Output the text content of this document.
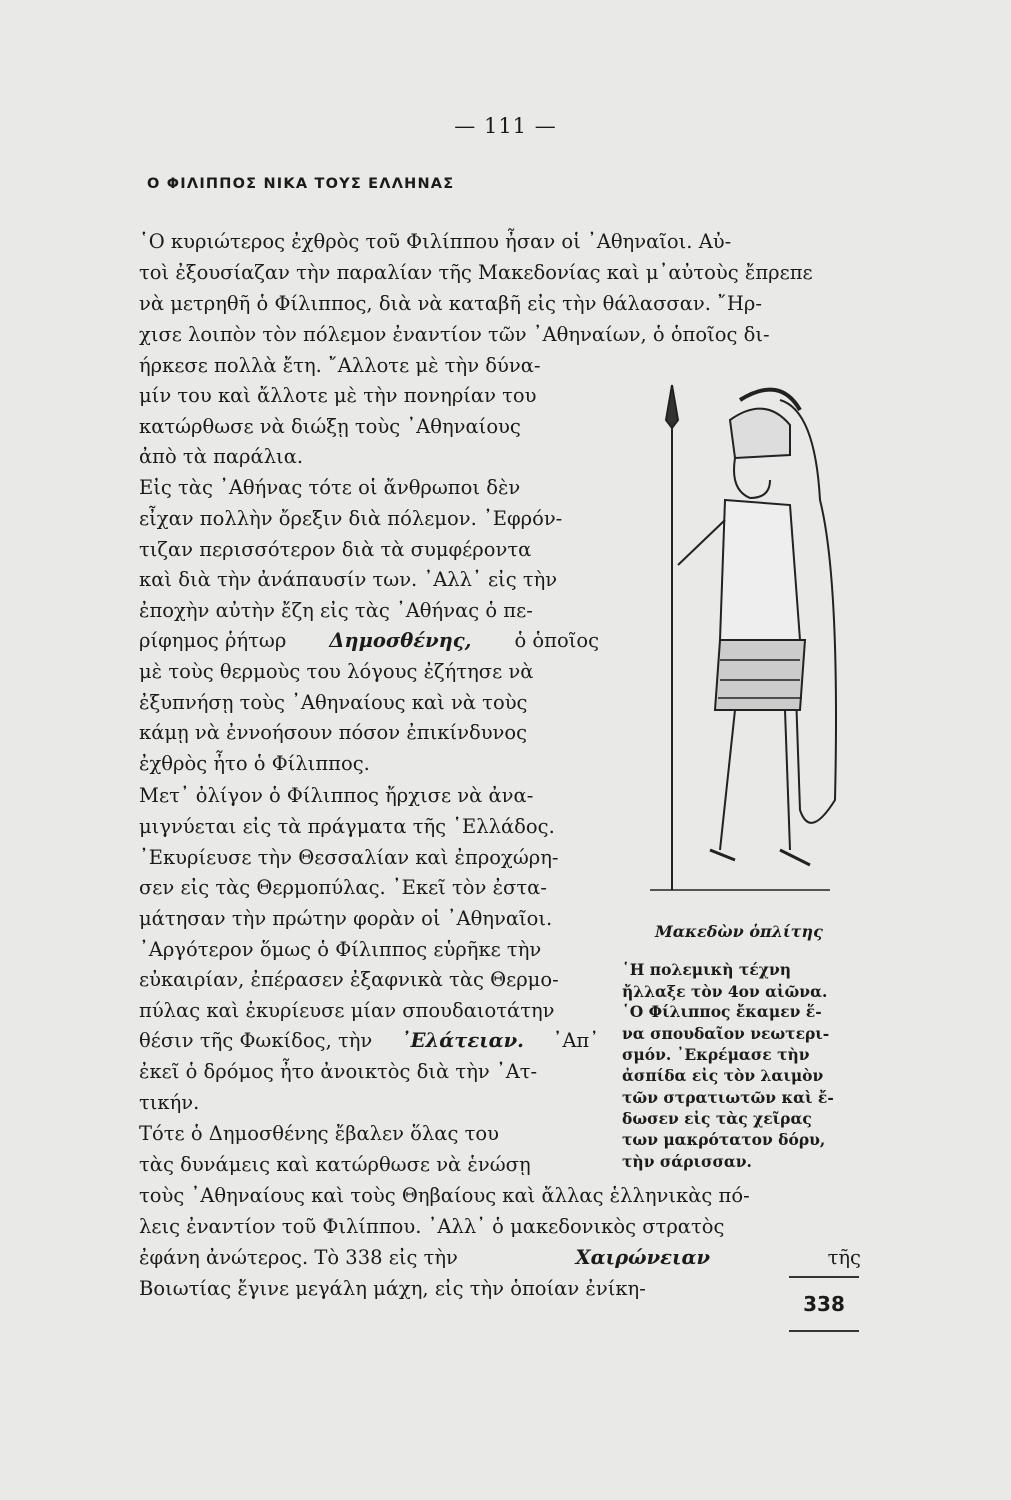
— 111 —
Ο ΦΙΛΙΠΠΟΣ ΝΙΚΑ ΤΟΥΣ ΕΛΛΗΝΑΣ
῾Ο κυριώτερος ἐχθρὸς τοῦ Φιλίππου ἦσαν οἱ ᾽Αθηναῖοι. Αὐ-
τοὶ ἐξουσίαζαν τὴν παραλίαν τῆς Μακεδονίας καὶ μ᾽αὐτοὺς ἔπρεπε
νὰ μετρηθῆ ὁ Φίλιππος, διὰ νὰ καταβῆ εἰς τὴν θάλασσαν. ῎Ηρ-
χισε λοιπὸν τὸν πόλεμον ἐναντίον τῶν ᾽Αθηναίων, ὁ ὁποῖος δι-
ήρκεσε πολλὰ ἔτη. ῎Αλλοτε μὲ τὴν δύνα-
μίν του καὶ ἄλλοτε μὲ τὴν πονηρίαν του
κατώρθωσε νὰ διώξῃ τοὺς ᾽Αθηναίους
ἀπὸ τὰ παράλια.
Εἰς τὰς ᾽Αθήνας τότε οἱ ἄνθρωποι δὲν
εἶχαν πολλὴν ὄρεξιν διὰ πόλεμον. ᾽Εφρόν-
τιζαν περισσότερον διὰ τὰ συμφέροντα
καὶ διὰ τὴν ἀνάπαυσίν των. ᾽Αλλ᾽ εἰς τὴν
ἐποχὴν αὐτὴν ἔζη εἰς τὰς ᾽Αθήνας ὁ πε-
ρίφημος ῥήτωρ Δημοσθένης, ὁ ὁποῖος
μὲ τοὺς θερμοὺς του λόγους ἐζήτησε νὰ
ἐξυπνήσῃ τοὺς ᾽Αθηναίους καὶ νὰ τοὺς
κάμῃ νὰ ἐννοήσουν πόσον ἐπικίνδυνος
ἐχθρὸς ἦτο ὁ Φίλιππος.
Μετ᾽ ὀλίγον ὁ Φίλιππος ἤρχισε νὰ ἀνα-
μιγνύεται εἰς τὰ πράγματα τῆς ῾Ελλάδος.
᾽Εκυρίευσε τὴν Θεσσαλίαν καὶ ἐπροχώρη-
σεν εἰς τὰς Θερμοπύλας. ᾽Εκεῖ τὸν ἐστα-
μάτησαν τὴν πρώτην φορὰν οἱ ᾽Αθηναῖοι.
᾽Αργότερον ὅμως ὁ Φίλιππος εὑρῆκε τὴν
εὐκαιρίαν, ἐπέρασεν ἐξαφνικὰ τὰς Θερμο-
πύλας καὶ ἐκυρίευσε μίαν σπουδαιοτάτην
θέσιν τῆς Φωκίδος, τὴν ᾽Ελάτειαν. ᾽Απ᾽
ἐκεῖ ὁ δρόμος ἦτο ἀνοικτὸς διὰ τὴν ᾽Ατ-
τικήν.
Τότε ὁ Δημοσθένης ἔβαλεν ὅλας του
τὰς δυνάμεις καὶ κατώρθωσε νὰ ἑνώσῃ
τοὺς ᾽Αθηναίους καὶ τοὺς Θηβαίους καὶ ἄλλας ἑλληνικὰς πό-
λεις ἐναντίον τοῦ Φιλίππου. ᾽Αλλ᾽ ὁ μακεδονικὸς στρατὸς
ἐφάνη ἀνώτερος. Τὸ 338 εἰς τὴν	Χαιρώνειαν	τῆς
Βοιωτίας ἔγινε μεγάλη μάχη, εἰς τὴν ὁποίαν ἐνίκη-
Μακεδὼν ὁπλίτης
῾Η πολεμικὴ τέχνη
ἤλλαξε τὸν 4ον αἰῶνα.
῾Ο Φίλιππος ἔκαμεν ἕ-
να σπουδαῖον νεωτερι-
σμόν. ᾽Εκρέμασε τὴν
ἀσπίδα εἰς τὸν λαιμὸν
τῶν στρατιωτῶν καὶ ἔ-
δωσεν εἰς τὰς χεῖρας
των μακρότατον δόρυ,
τὴν σάρισσαν.
338
